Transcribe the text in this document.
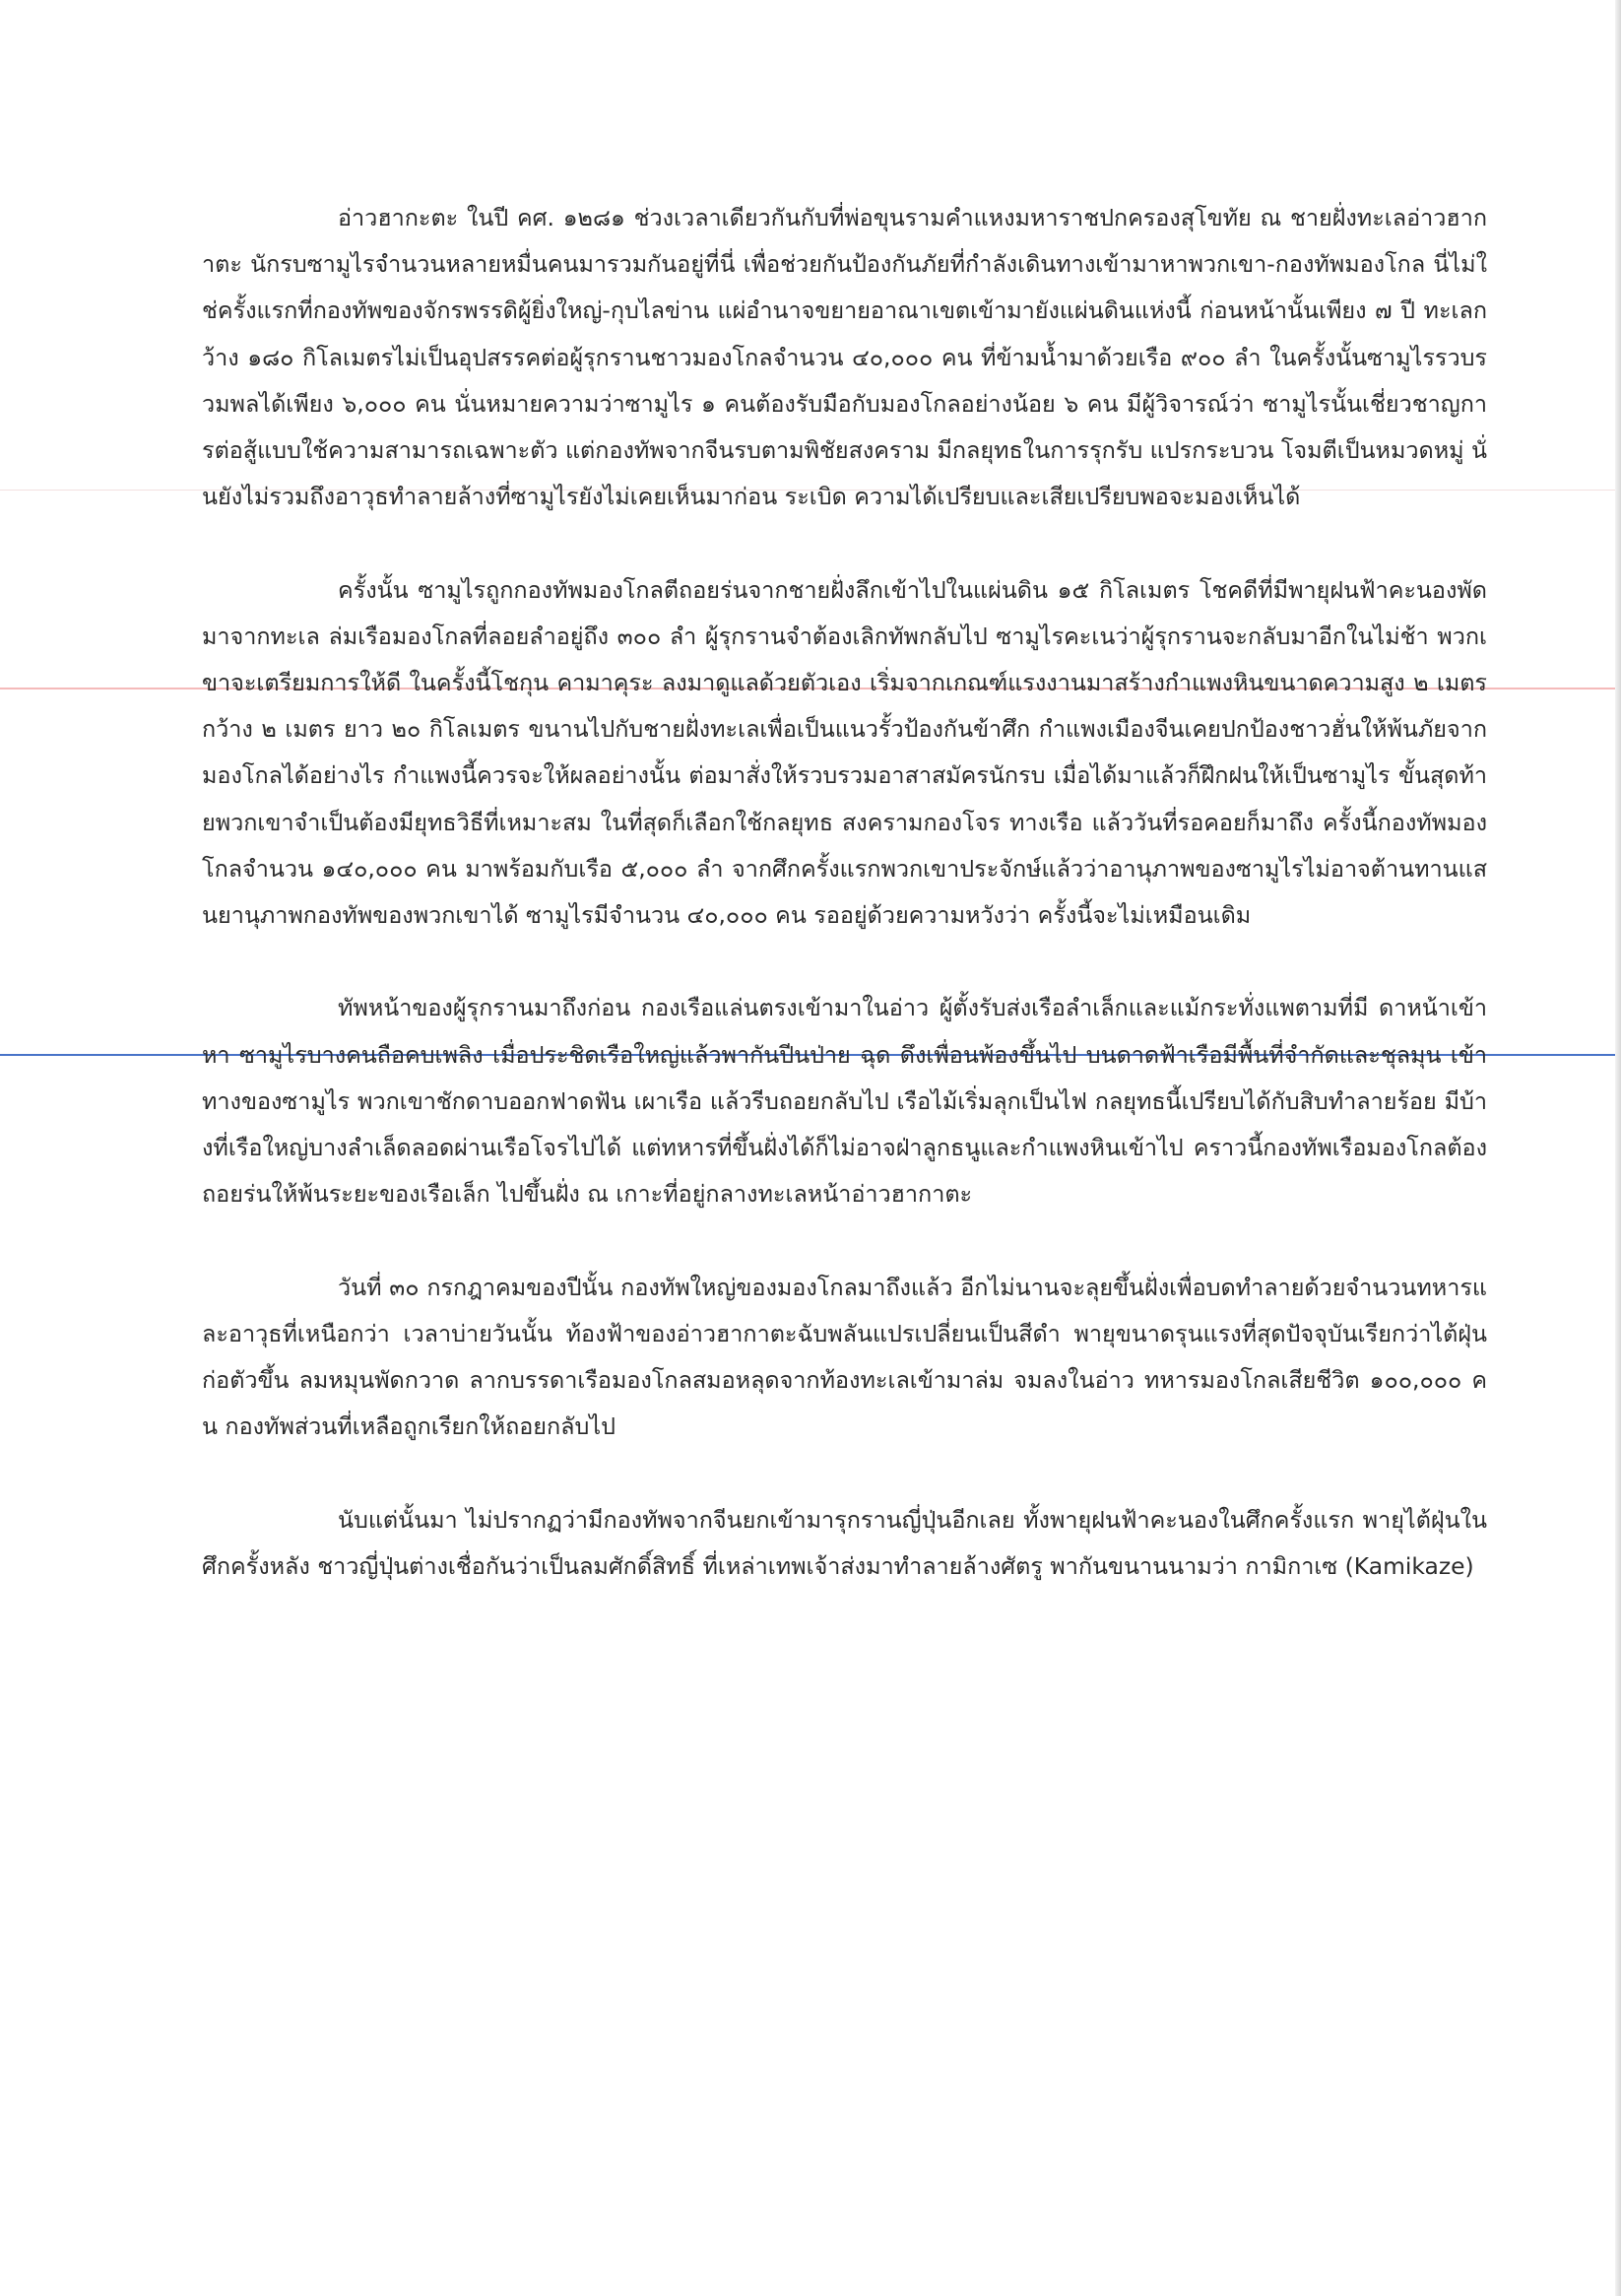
อ่าวฮากะตะ ในปี คศ. ๑๒๘๑ ช่วงเวลาเดียวกันกับที่พ่อขุนรามคำแหงมหาราชปกครองสุโขทัย ณ ชายฝั่งทะเลอ่าวฮากาตะ นักรบซามูไรจำนวนหลายหมื่นคนมารวมกันอยู่ที่นี่ เพื่อช่วยกันป้องกันภัยที่กำลังเดินทางเข้ามาหาพวกเขา-กองทัพมองโกล นี่ไม่ใช่ครั้งแรกที่กองทัพของจักรพรรดิผู้ยิ่งใหญ่-กุบไลข่าน แผ่อำนาจขยายอาณาเขตเข้ามายังแผ่นดินแห่งนี้ ก่อนหน้านั้นเพียง ๗ ปี ทะเลกว้าง ๑๘๐ กิโลเมตรไม่เป็นอุปสรรคต่อผู้รุกรานชาวมองโกลจำนวน ๔๐,๐๐๐ คน ที่ข้ามน้ำมาด้วยเรือ ๙๐๐ ลำ ในครั้งนั้นซามูไรรวบรวมพลได้เพียง ๖,๐๐๐ คน นั่นหมายความว่าซามูไร ๑ คนต้องรับมือกับมองโกลอย่างน้อย ๖ คน มีผู้วิจารณ์ว่า ซามูไรนั้นเชี่ยวชาญการต่อสู้แบบใช้ความสามารถเฉพาะตัว แต่กองทัพจากจีนรบตามพิชัยสงคราม มีกลยุทธในการรุกรับ แปรกระบวน โจมตีเป็นหมวดหมู่ นั่นยังไม่รวมถึงอาวุธทำลายล้างที่ซามูไรยังไม่เคยเห็นมาก่อน ระเบิด ความได้เปรียบและเสียเปรียบพอจะมองเห็นได้

ครั้งนั้น ซามูไรถูกกองทัพมองโกลตีถอยร่นจากชายฝั่งลึกเข้าไปในแผ่นดิน ๑๕ กิโลเมตร โชคดีที่มีพายุฝนฟ้าคะนองพัดมาจากทะเล ล่มเรือมองโกลที่ลอยลำอยู่ถึง ๓๐๐ ลำ ผู้รุกรานจำต้องเลิกทัพกลับไป ซามูไรคะเนว่าผู้รุกรานจะกลับมาอีกในไม่ช้า พวกเขาจะเตรียมการให้ดี ในครั้งนี้โชกุน คามาคุระ ลงมาดูแลด้วยตัวเอง เริ่มจากเกณฑ์แรงงานมาสร้างกำแพงหินขนาดความสูง ๒ เมตร กว้าง ๒ เมตร ยาว ๒๐ กิโลเมตร ขนานไปกับชายฝั่งทะเลเพื่อเป็นแนวรั้วป้องกันข้าศึก กำแพงเมืองจีนเคยปกป้องชาวฮั่นให้พ้นภัยจากมองโกลได้อย่างไร กำแพงนี้ควรจะให้ผลอย่างนั้น ต่อมาสั่งให้รวบรวมอาสาสมัครนักรบ เมื่อได้มาแล้วก็ฝึกฝนให้เป็นซามูไร ขั้นสุดท้ายพวกเขาจำเป็นต้องมียุทธวิธีที่เหมาะสม ในที่สุดก็เลือกใช้กลยุทธ สงครามกองโจร ทางเรือ แล้ววันที่รอคอยก็มาถึง ครั้งนี้กองทัพมองโกลจำนวน ๑๔๐,๐๐๐ คน มาพร้อมกับเรือ ๕,๐๐๐ ลำ จากศึกครั้งแรกพวกเขาประจักษ์แล้วว่าอานุภาพของซามูไรไม่อาจต้านทานแสนยานุภาพกองทัพของพวกเขาได้ ซามูไรมีจำนวน ๔๐,๐๐๐ คน รออยู่ด้วยความหวังว่า ครั้งนี้จะไม่เหมือนเดิม

ทัพหน้าของผู้รุกรานมาถึงก่อน กองเรือแล่นตรงเข้ามาในอ่าว ผู้ตั้งรับส่งเรือลำเล็กและแม้กระทั่งแพตามที่มี ดาหน้าเข้าหา ซามูไรบางคนถือคบเพลิง เมื่อประชิดเรือใหญ่แล้วพากันปีนป่าย ฉุด ดึงเพื่อนพ้องขึ้นไป บนดาดฟ้าเรือมีพื้นที่จำกัดและชุลมุน เข้าทางของซามูไร พวกเขาชักดาบออกฟาดฟัน เผาเรือ แล้วรีบถอยกลับไป เรือไม้เริ่มลุกเป็นไฟ กลยุทธนี้เปรียบได้กับสิบทำลายร้อย มีบ้างที่เรือใหญ่บางลำเล็ดลอดผ่านเรือโจรไปได้ แต่ทหารที่ขึ้นฝั่งได้ก็ไม่อาจฝ่าลูกธนูและกำแพงหินเข้าไป คราวนี้กองทัพเรือมองโกลต้องถอยร่นให้พ้นระยะของเรือเล็ก ไปขึ้นฝั่ง ณ เกาะที่อยู่กลางทะเลหน้าอ่าวฮากาตะ

วันที่ ๓๐ กรกฎาคมของปีนั้น กองทัพใหญ่ของมองโกลมาถึงแล้ว อีกไม่นานจะลุยขึ้นฝั่งเพื่อบดทำลายด้วยจำนวนทหารและอาวุธที่เหนือกว่า เวลาบ่ายวันนั้น ท้องฟ้าของอ่าวฮากาตะฉับพลันแปรเปลี่ยนเป็นสีดำ พายุขนาดรุนแรงที่สุดปัจจุบันเรียกว่าไต้ฝุ่น ก่อตัวขึ้น ลมหมุนพัดกวาด ลากบรรดาเรือมองโกลสมอหลุดจากท้องทะเลเข้ามาล่ม จมลงในอ่าว ทหารมองโกลเสียชีวิต ๑๐๐,๐๐๐ คน กองทัพส่วนที่เหลือถูกเรียกให้ถอยกลับไป

นับแต่นั้นมา ไม่ปรากฏว่ามีกองทัพจากจีนยกเข้ามารุกรานญี่ปุ่นอีกเลย ทั้งพายุฝนฟ้าคะนองในศึกครั้งแรก พายุไต้ฝุ่นในศึกครั้งหลัง ชาวญี่ปุ่นต่างเชื่อกันว่าเป็นลมศักดิ์สิทธิ์ ที่เหล่าเทพเจ้าส่งมาทำลายล้างศัตรู พากันขนานนามว่า กามิกาเซ (Kamikaze)
